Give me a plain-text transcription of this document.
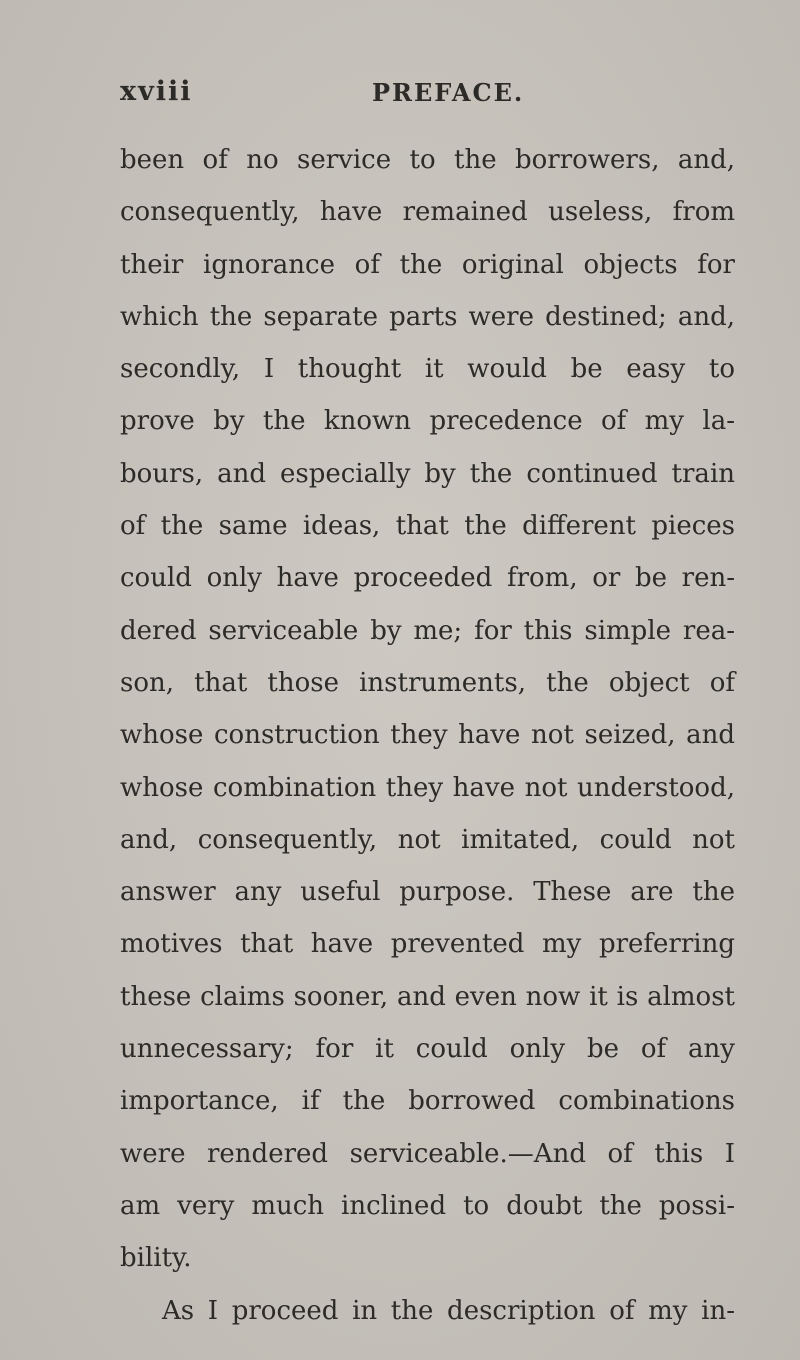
xviii	PREFACE.
been of no service to the borrowers, and,
consequently, have remained useless, from
their ignorance of the original objects for
which the separate parts were destined; and,
secondly, I thought it would be easy to
prove by the known precedence of my la-
bours, and especially by the continued train
of the same ideas, that the different pieces
could only have proceeded from, or be ren-
dered serviceable by me; for this simple rea-
son, that those instruments, the object of
whose construction they have not seized, and
whose combination they have not understood,
and, consequently, not imitated, could not
answer any useful purpose. These are the
motives that have prevented my preferring
these claims sooner, and even now it is almost
unnecessary; for it could only be of any
importance, if the borrowed combinations
were rendered serviceable.—And of this I
am very much inclined to doubt the possi-
bility.
As I proceed in the description of my in-
